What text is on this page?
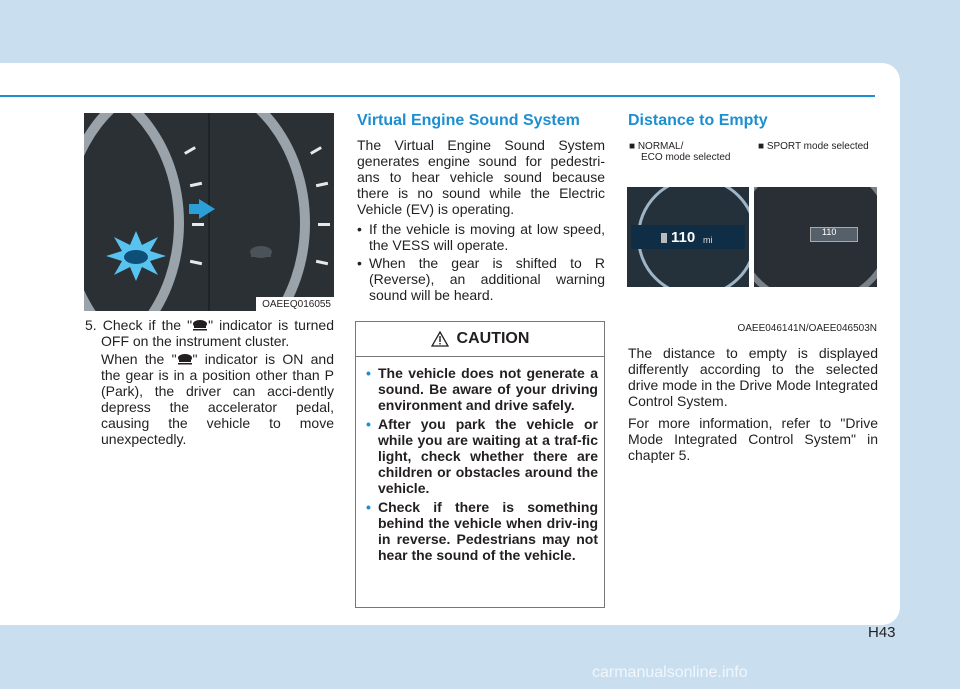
OAEEQ016055

5. Check if the " " indicator is turned OFF on the instrument cluster.

When the " " indicator is ON and the gear is in a position other than P (Park), the driver can acci-dently depress the accelerator pedal, causing the vehicle to move unexpectedly.

Virtual Engine Sound System

The Virtual Engine Sound System generates engine sound for pedestri-ans to hear vehicle sound because there is no sound while the Electric Vehicle (EV) is operating.

• If the vehicle is moving at low speed, the VESS will operate.

• When the gear is shifted to R (Reverse), an additional warning sound will be heard.

CAUTION
• The vehicle does not generate a sound. Be aware of your driving environment and drive safely.
• After you park the vehicle or while you are waiting at a traf-fic light, check whether there are children or obstacles around the vehicle.
• Check if there is something behind the vehicle when driv-ing in reverse. Pedestrians may not hear the sound of the vehicle.
Distance to Empty
■ NORMAL/
ECO mode selected
■ SPORT mode selected
110 mi
110
OAEE046141N/OAEE046503N

The distance to empty is displayed differently according to the selected drive mode in the Drive Mode Integrated Control System.

For more information, refer to "Drive Mode Integrated Control System" in chapter 5.

H43
carmanualsonline.info
